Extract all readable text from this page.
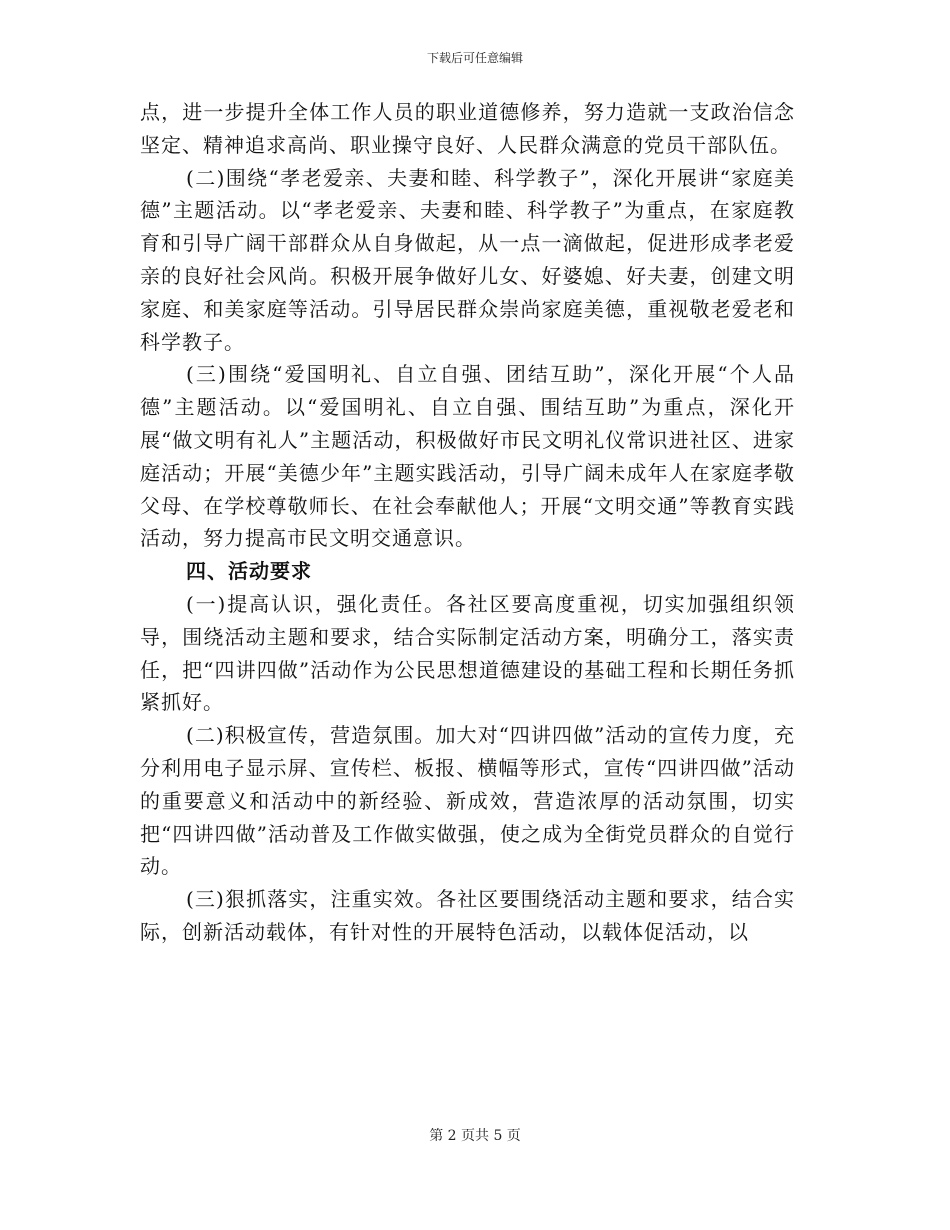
下载后可任意编辑

点，进一步提升全体工作人员的职业道德修养，努力造就一支政治信念坚定、精神追求高尚、职业操守良好、人民群众满意的党员干部队伍。

(二)围绕“孝老爱亲、夫妻和睦、科学教子”，深化开展讲“家庭美德”主题活动。以“孝老爱亲、夫妻和睦、科学教子”为重点，在家庭教育和引导广阔干部群众从自身做起，从一点一滴做起，促进形成孝老爱亲的良好社会风尚。积极开展争做好儿女、好婆媳、好夫妻，创建文明家庭、和美家庭等活动。引导居民群众崇尚家庭美德，重视敬老爱老和科学教子。

(三)围绕“爱国明礼、自立自强、团结互助”，深化开展“个人品德”主题活动。以“爱国明礼、自立自强、围结互助”为重点，深化开展“做文明有礼人”主题活动，积极做好市民文明礼仪常识进社区、进家庭活动；开展“美德少年”主题实践活动，引导广阔未成年人在家庭孝敬父母、在学校尊敬师长、在社会奉献他人；开展“文明交通”等教育实践活动，努力提高市民文明交通意识。

四、活动要求

(一)提高认识，强化责任。各社区要高度重视，切实加强组织领导，围绕活动主题和要求，结合实际制定活动方案，明确分工，落实责任，把“四讲四做”活动作为公民思想道德建设的基础工程和长期任务抓紧抓好。

(二)积极宣传，营造氛围。加大对“四讲四做”活动的宣传力度，充分利用电子显示屏、宣传栏、板报、横幅等形式，宣传“四讲四做”活动的重要意义和活动中的新经验、新成效，营造浓厚的活动氛围，切实把“四讲四做”活动普及工作做实做强，使之成为全街党员群众的自觉行动。

(三)狠抓落实，注重实效。各社区要围绕活动主题和要求，结合实际，创新活动载体，有针对性的开展特色活动，以载体促活动，以

第 2 页共 5 页
